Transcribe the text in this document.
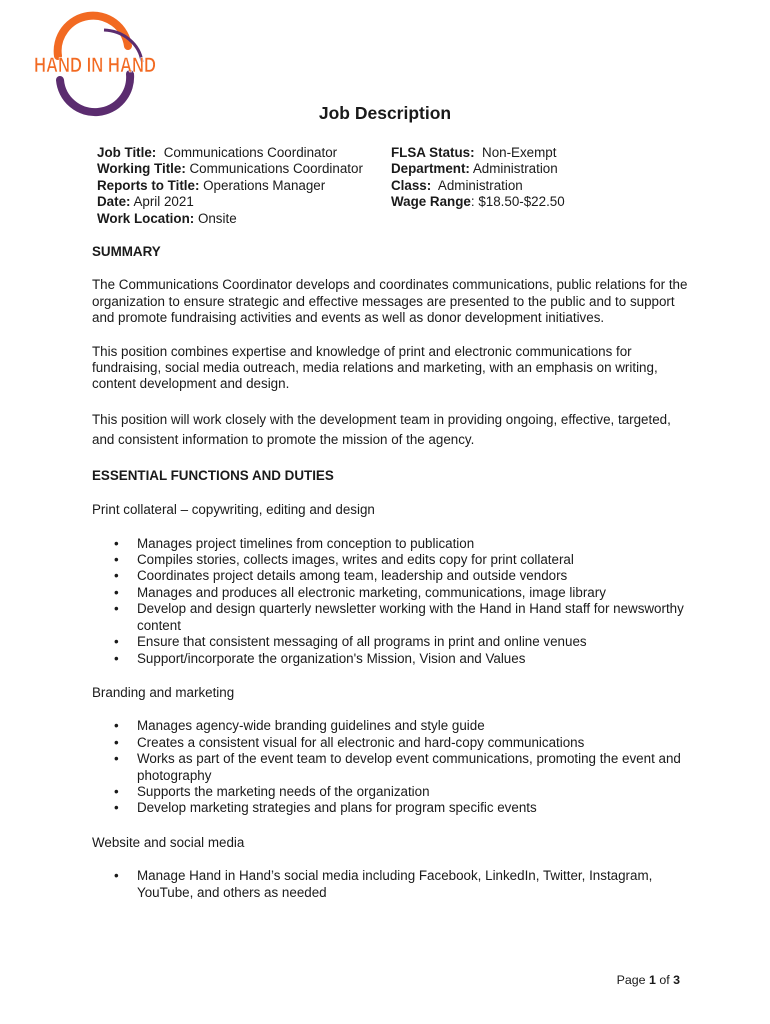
HAND IN HAND
Job Description
Job Title:  Communications Coordinator
Working Title: Communications Coordinator
Reports to Title: Operations Manager
Date: April 2021
Work Location: Onsite
FLSA Status:  Non-Exempt
Department: Administration
Class:  Administration
Wage Range: $18.50-$22.50

SUMMARY

The Communications Coordinator develops and coordinates communications, public relations for the organization to ensure strategic and effective messages are presented to the public and to support and promote fundraising activities and events as well as donor development initiatives.

This position combines expertise and knowledge of print and electronic communications for fundraising, social media outreach, media relations and marketing, with an emphasis on writing, content development and design.

This position will work closely with the development team in providing ongoing, effective, targeted, and consistent information to promote the mission of the agency.

ESSENTIAL FUNCTIONS AND DUTIES

Print collateral – copywriting, editing and design

• Manages project timelines from conception to publication
• Compiles stories, collects images, writes and edits copy for print collateral
• Coordinates project details among team, leadership and outside vendors
• Manages and produces all electronic marketing, communications, image library
• Develop and design quarterly newsletter working with the Hand in Hand staff for newsworthy content
• Ensure that consistent messaging of all programs in print and online venues
• Support/incorporate the organization's Mission, Vision and Values

Branding and marketing

• Manages agency-wide branding guidelines and style guide
• Creates a consistent visual for all electronic and hard-copy communications
• Works as part of the event team to develop event communications, promoting the event and photography
• Supports the marketing needs of the organization
• Develop marketing strategies and plans for program specific events

Website and social media

• Manage Hand in Hand’s social media including Facebook, LinkedIn, Twitter, Instagram, YouTube, and others as needed
Page 1 of 3
